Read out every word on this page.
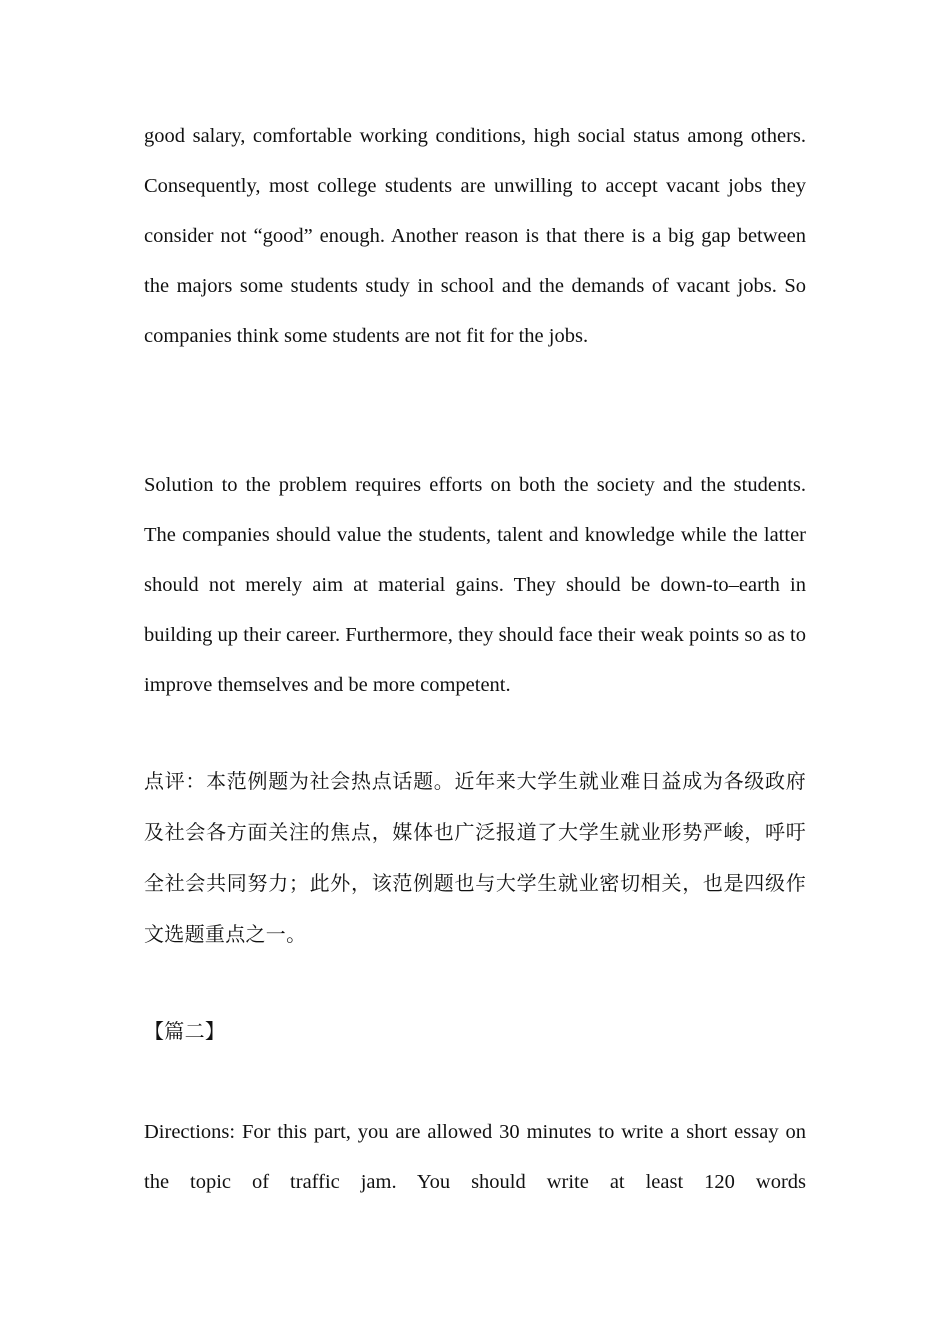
good salary, comfortable working conditions, high social status among others. Consequently, most college students are unwilling to accept vacant jobs they consider not “good” enough. Another reason is that there is a big gap between the majors some students study in school and the demands of vacant jobs. So companies think some students are not fit for the jobs.

Solution to the problem requires efforts on both the society and the students. The companies should value the students, talent and knowledge while the latter should not merely aim at material gains. They should be down-to–earth in building up their career. Furthermore, they should face their weak points so as to improve themselves and be more competent.

点评：本范例题为社会热点话题。近年来大学生就业难日益成为各级政府及社会各方面关注的焦点，媒体也广泛报道了大学生就业形势严峻，呼吁全社会共同努力；此外，该范例题也与大学生就业密切相关，也是四级作文选题重点之一。

【篇二】

Directions: For this part, you are allowed 30 minutes to write a short essay on the topic of traffic jam. You should write at least 120 words
